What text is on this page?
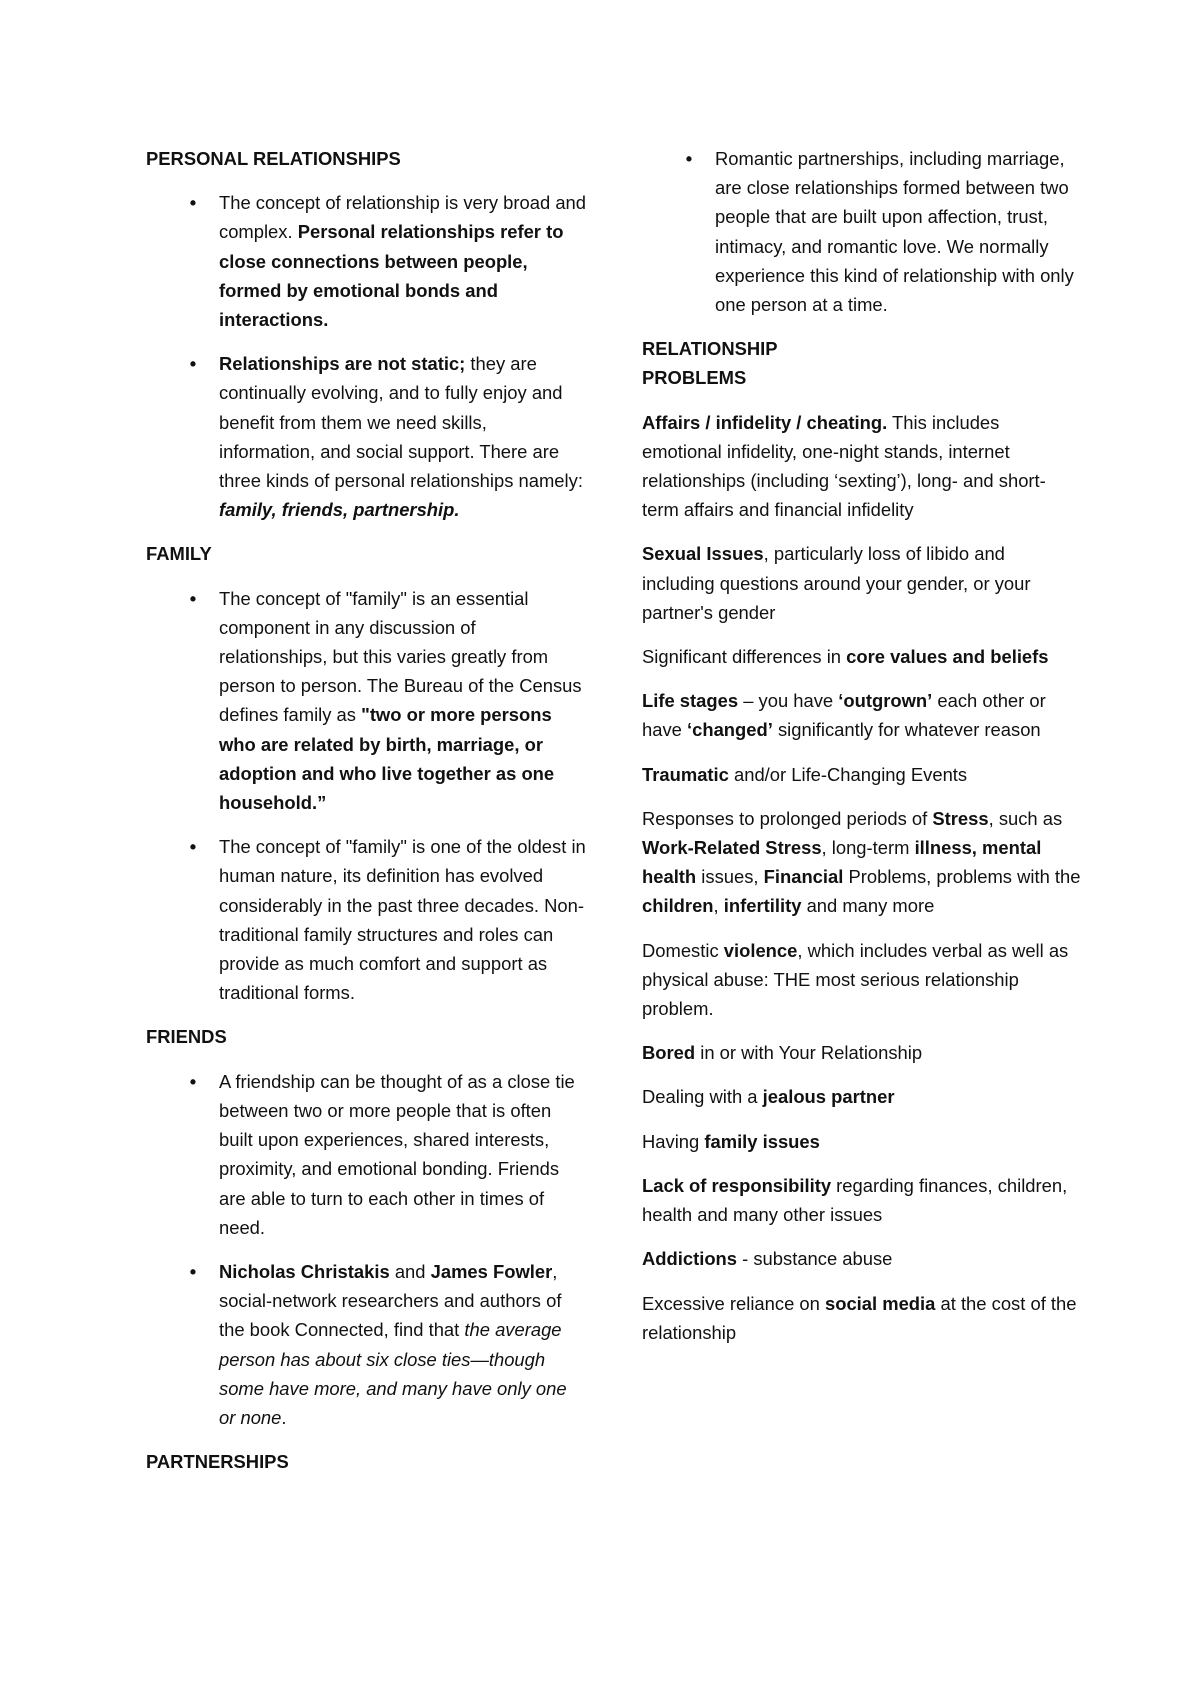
PERSONAL RELATIONSHIPS
• The concept of relationship is very broad and complex. Personal relationships refer to close connections between people, formed by emotional bonds and interactions.
• Relationships are not static; they are continually evolving, and to fully enjoy and benefit from them we need skills, information, and social support. There are three kinds of personal relationships namely: family, friends, partnership.
FAMILY
• The concept of "family" is an essential component in any discussion of relationships, but this varies greatly from person to person. The Bureau of the Census defines family as "two or more persons who are related by birth, marriage, or adoption and who live together as one household.”
• The concept of "family" is one of the oldest in human nature, its definition has evolved considerably in the past three decades. Non-traditional family structures and roles can provide as much comfort and support as traditional forms.
FRIENDS
• A friendship can be thought of as a close tie between two or more people that is often built upon experiences, shared interests, proximity, and emotional bonding. Friends are able to turn to each other in times of need.
• Nicholas Christakis and James Fowler, social-network researchers and authors of the book Connected, find that the average person has about six close ties—though some have more, and many have only one or none.
PARTNERSHIPS
• Romantic partnerships, including marriage, are close relationships formed between two people that are built upon affection, trust, intimacy, and romantic love. We normally experience this kind of relationship with only one person at a time.
RELATIONSHIP
PROBLEMS

Affairs / infidelity / cheating. This includes emotional infidelity, one-night stands, internet relationships (including ‘sexting’), long- and short-term affairs and financial infidelity

Sexual Issues, particularly loss of libido and including questions around your gender, or your partner's gender

Significant differences in core values and beliefs

Life stages – you have ‘outgrown’ each other or have ‘changed’ significantly for whatever reason

Traumatic and/or Life-Changing Events

Responses to prolonged periods of Stress, such as Work-Related Stress, long-term illness, mental health issues, Financial Problems, problems with the children, infertility and many more

Domestic violence, which includes verbal as well as physical abuse: THE most serious relationship problem.

Bored in or with Your Relationship

Dealing with a jealous partner

Having family issues

Lack of responsibility regarding finances, children, health and many other issues

Addictions - substance abuse

Excessive reliance on social media at the cost of the relationship
